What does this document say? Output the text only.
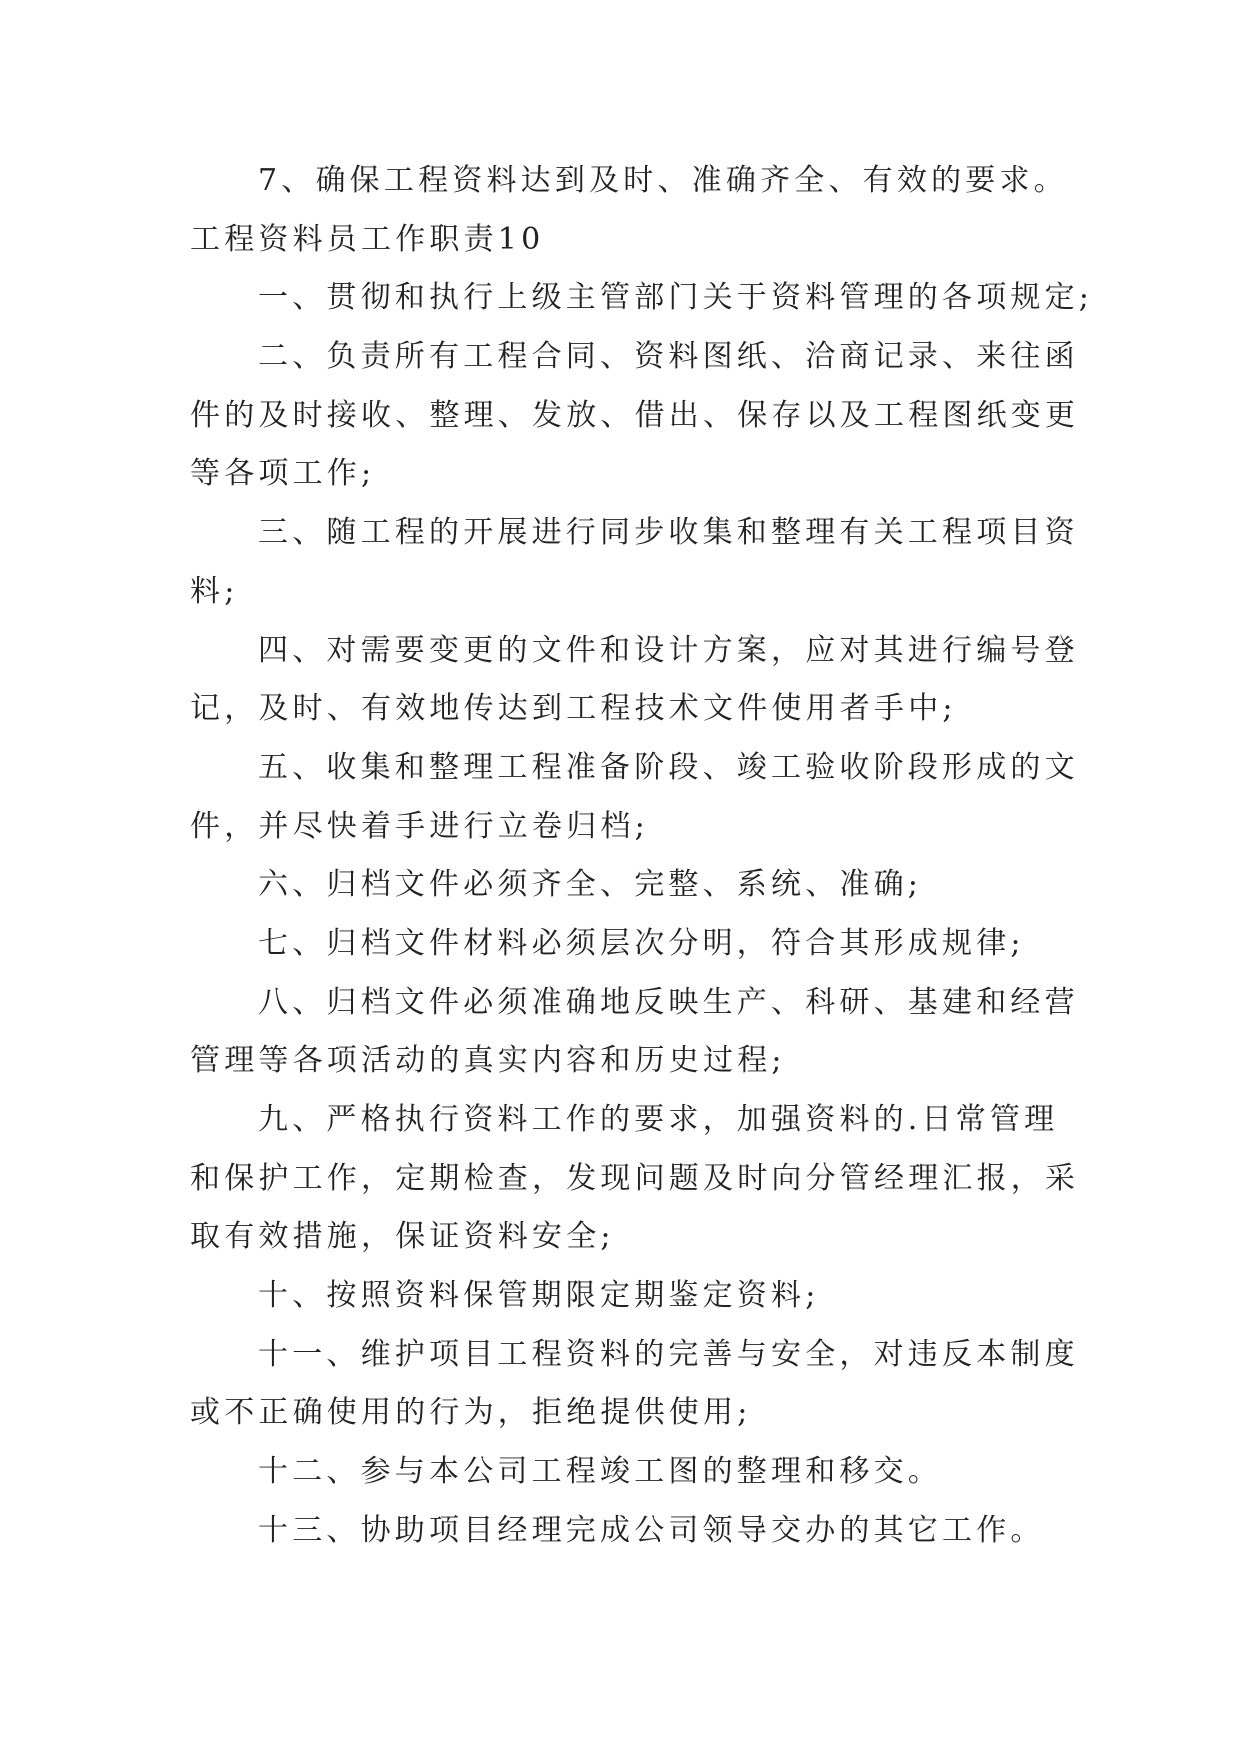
7、确保工程资料达到及时、准确齐全、有效的要求。
工程资料员工作职责10
一、贯彻和执行上级主管部门关于资料管理的各项规定;
二、负责所有工程合同、资料图纸、洽商记录、来往函
件的及时接收、整理、发放、借出、保存以及工程图纸变更
等各项工作;
三、随工程的开展进行同步收集和整理有关工程项目资
料;
四、对需要变更的文件和设计方案，应对其进行编号登
记，及时、有效地传达到工程技术文件使用者手中;
五、收集和整理工程准备阶段、竣工验收阶段形成的文
件，并尽快着手进行立卷归档;
六、归档文件必须齐全、完整、系统、准确;
七、归档文件材料必须层次分明，符合其形成规律;
八、归档文件必须准确地反映生产、科研、基建和经营
管理等各项活动的真实内容和历史过程;
九、严格执行资料工作的要求，加强资料的.日常管理
和保护工作，定期检查，发现问题及时向分管经理汇报，采
取有效措施，保证资料安全;
十、按照资料保管期限定期鉴定资料;
十一、维护项目工程资料的完善与安全，对违反本制度
或不正确使用的行为，拒绝提供使用;
十二、参与本公司工程竣工图的整理和移交。
十三、协助项目经理完成公司领导交办的其它工作。
